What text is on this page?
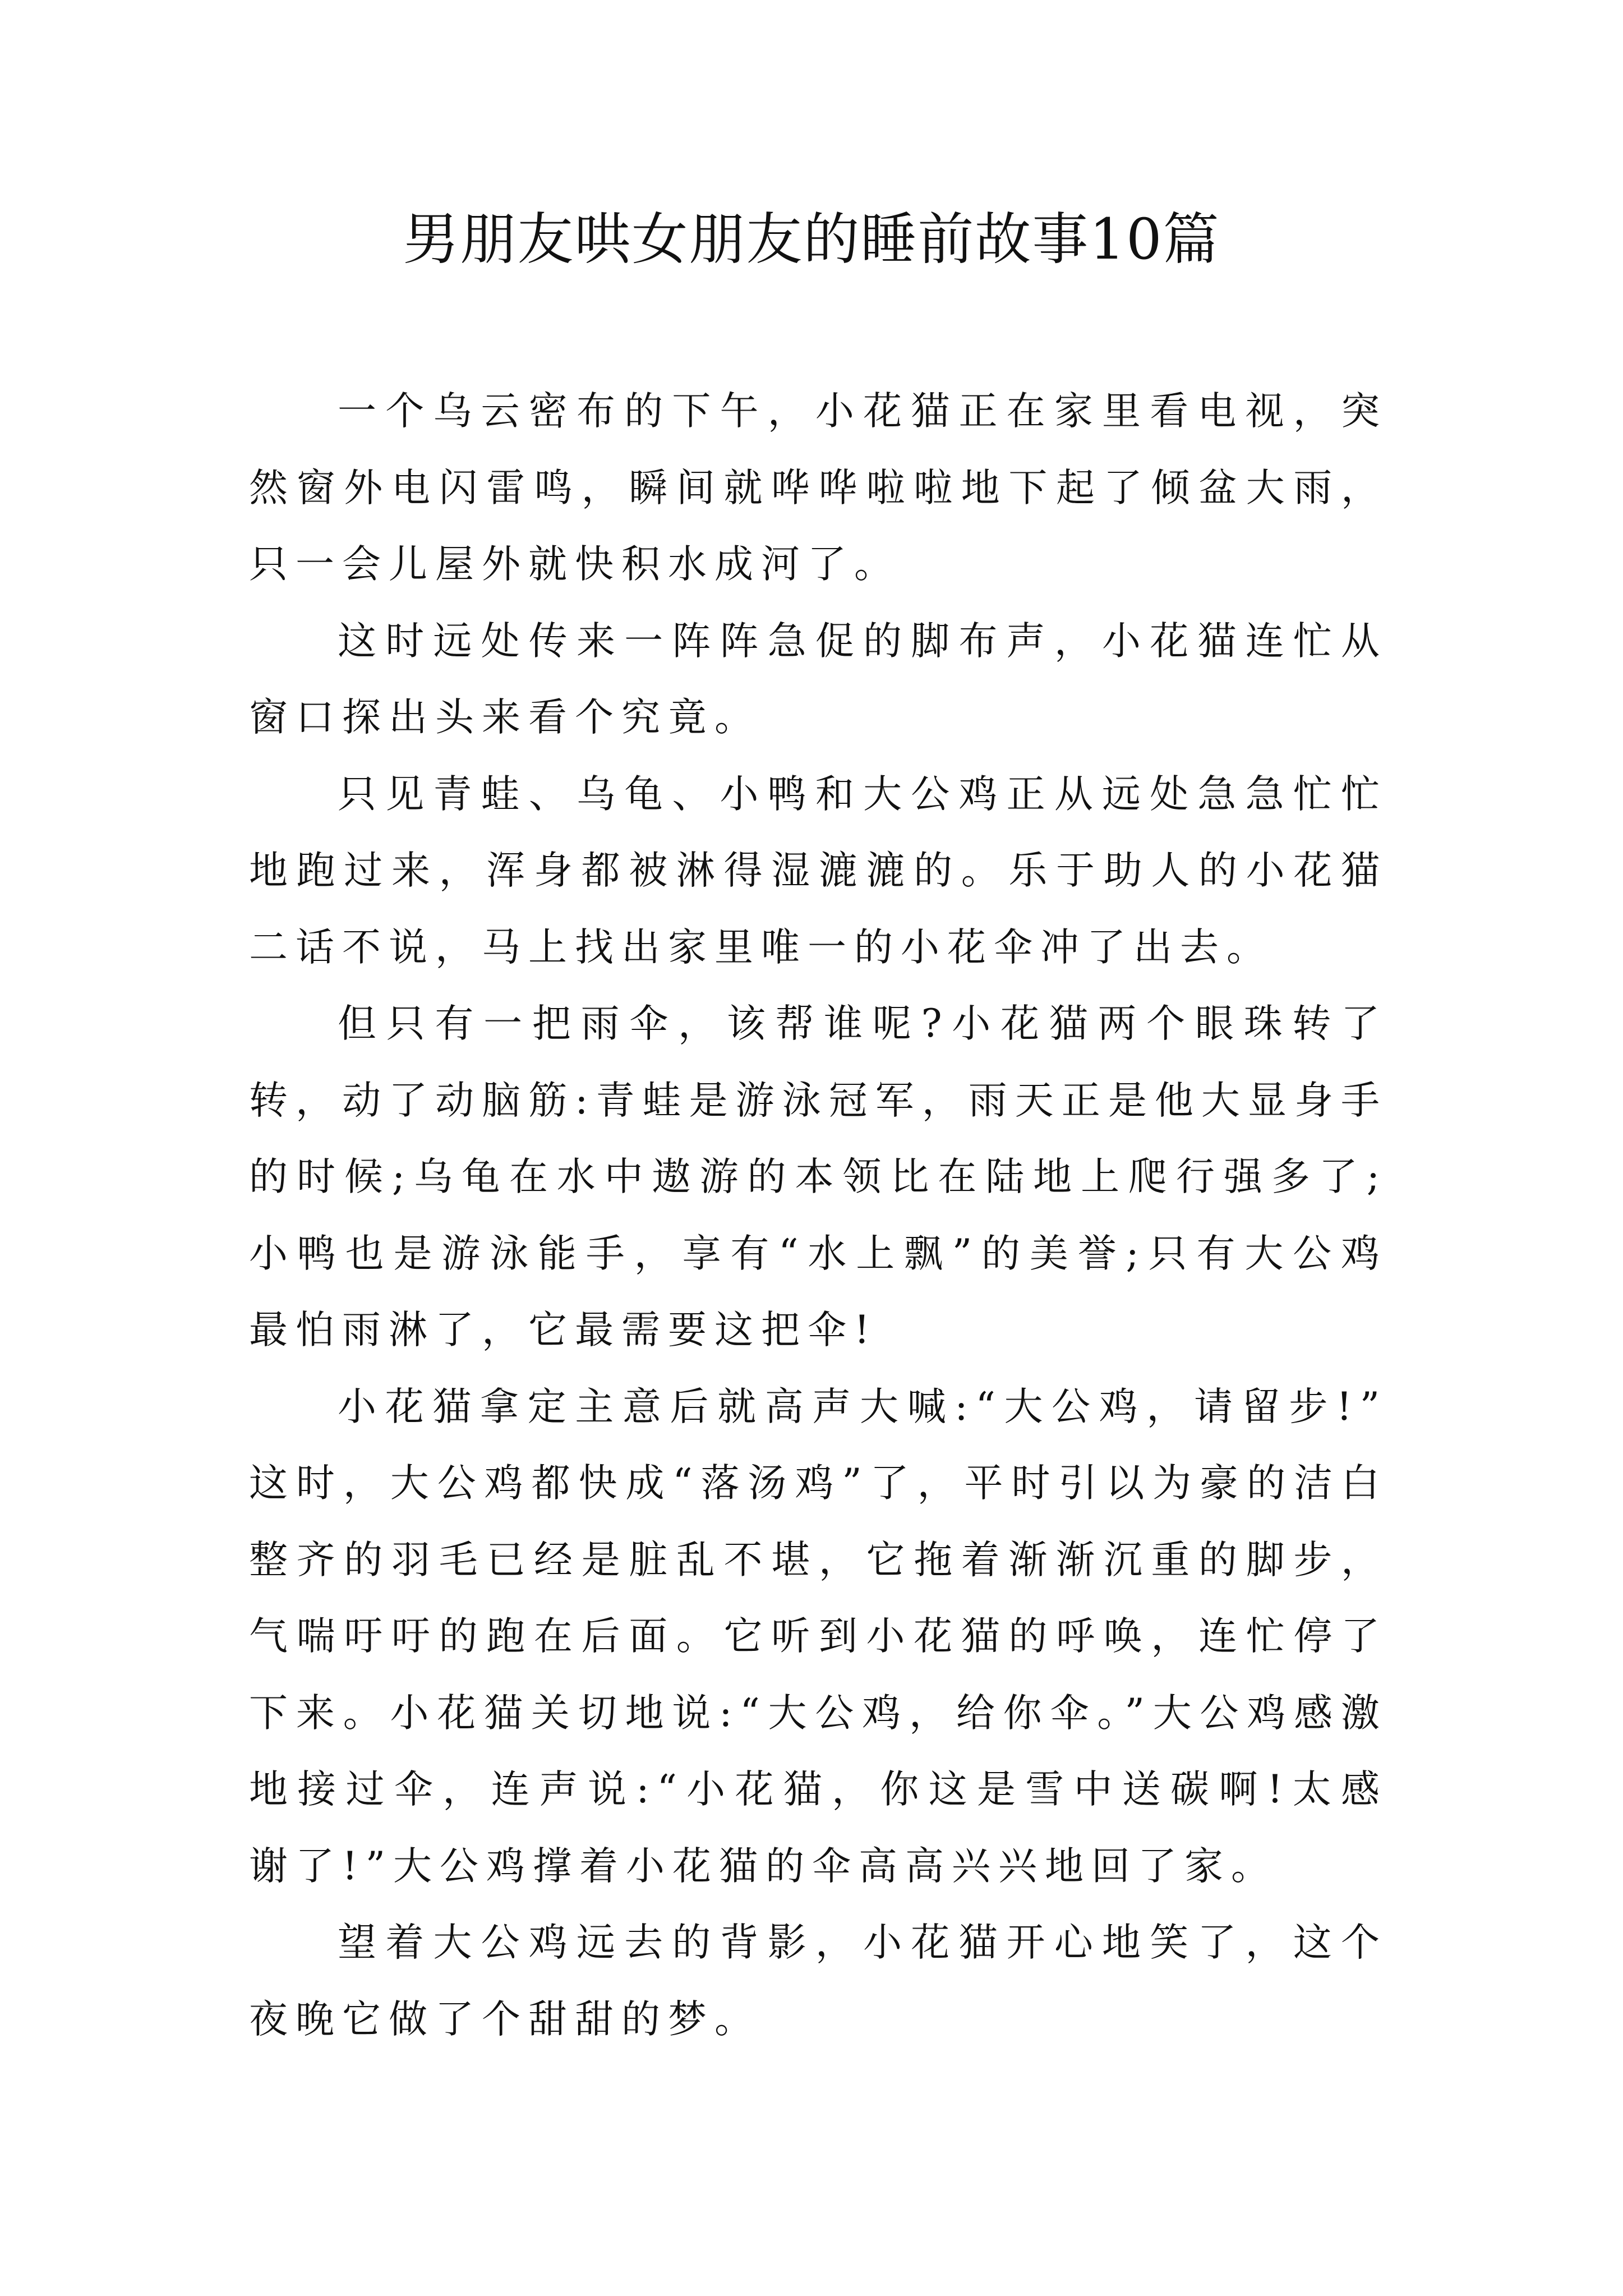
男朋友哄女朋友的睡前故事10篇

一个乌云密布的下午，小花猫正在家里看电视，突然窗外电闪雷鸣，瞬间就哗哗啦啦地下起了倾盆大雨，只一会儿屋外就快积水成河了。

这时远处传来一阵阵急促的脚布声，小花猫连忙从窗口探出头来看个究竟。

只见青蛙、乌龟、小鸭和大公鸡正从远处急急忙忙地跑过来，浑身都被淋得湿漉漉的。乐于助人的小花猫二话不说，马上找出家里唯一的小花伞冲了出去。

但只有一把雨伞，该帮谁呢?小花猫两个眼珠转了转，动了动脑筋:青蛙是游泳冠军，雨天正是他大显身手的时候;乌龟在水中遨游的本领比在陆地上爬行强多了;小鸭也是游泳能手，享有“水上飘”的美誉;只有大公鸡最怕雨淋了，它最需要这把伞!

小花猫拿定主意后就高声大喊:“大公鸡，请留步!”这时，大公鸡都快成“落汤鸡”了，平时引以为豪的洁白整齐的羽毛已经是脏乱不堪，它拖着渐渐沉重的脚步，气喘吁吁的跑在后面。它听到小花猫的呼唤，连忙停了下来。小花猫关切地说:“大公鸡，给你伞。”大公鸡感激地接过伞，连声说:“小花猫，你这是雪中送碳啊!太感谢了!”大公鸡撑着小花猫的伞高高兴兴地回了家。

望着大公鸡远去的背影，小花猫开心地笑了，这个夜晚它做了个甜甜的梦。
